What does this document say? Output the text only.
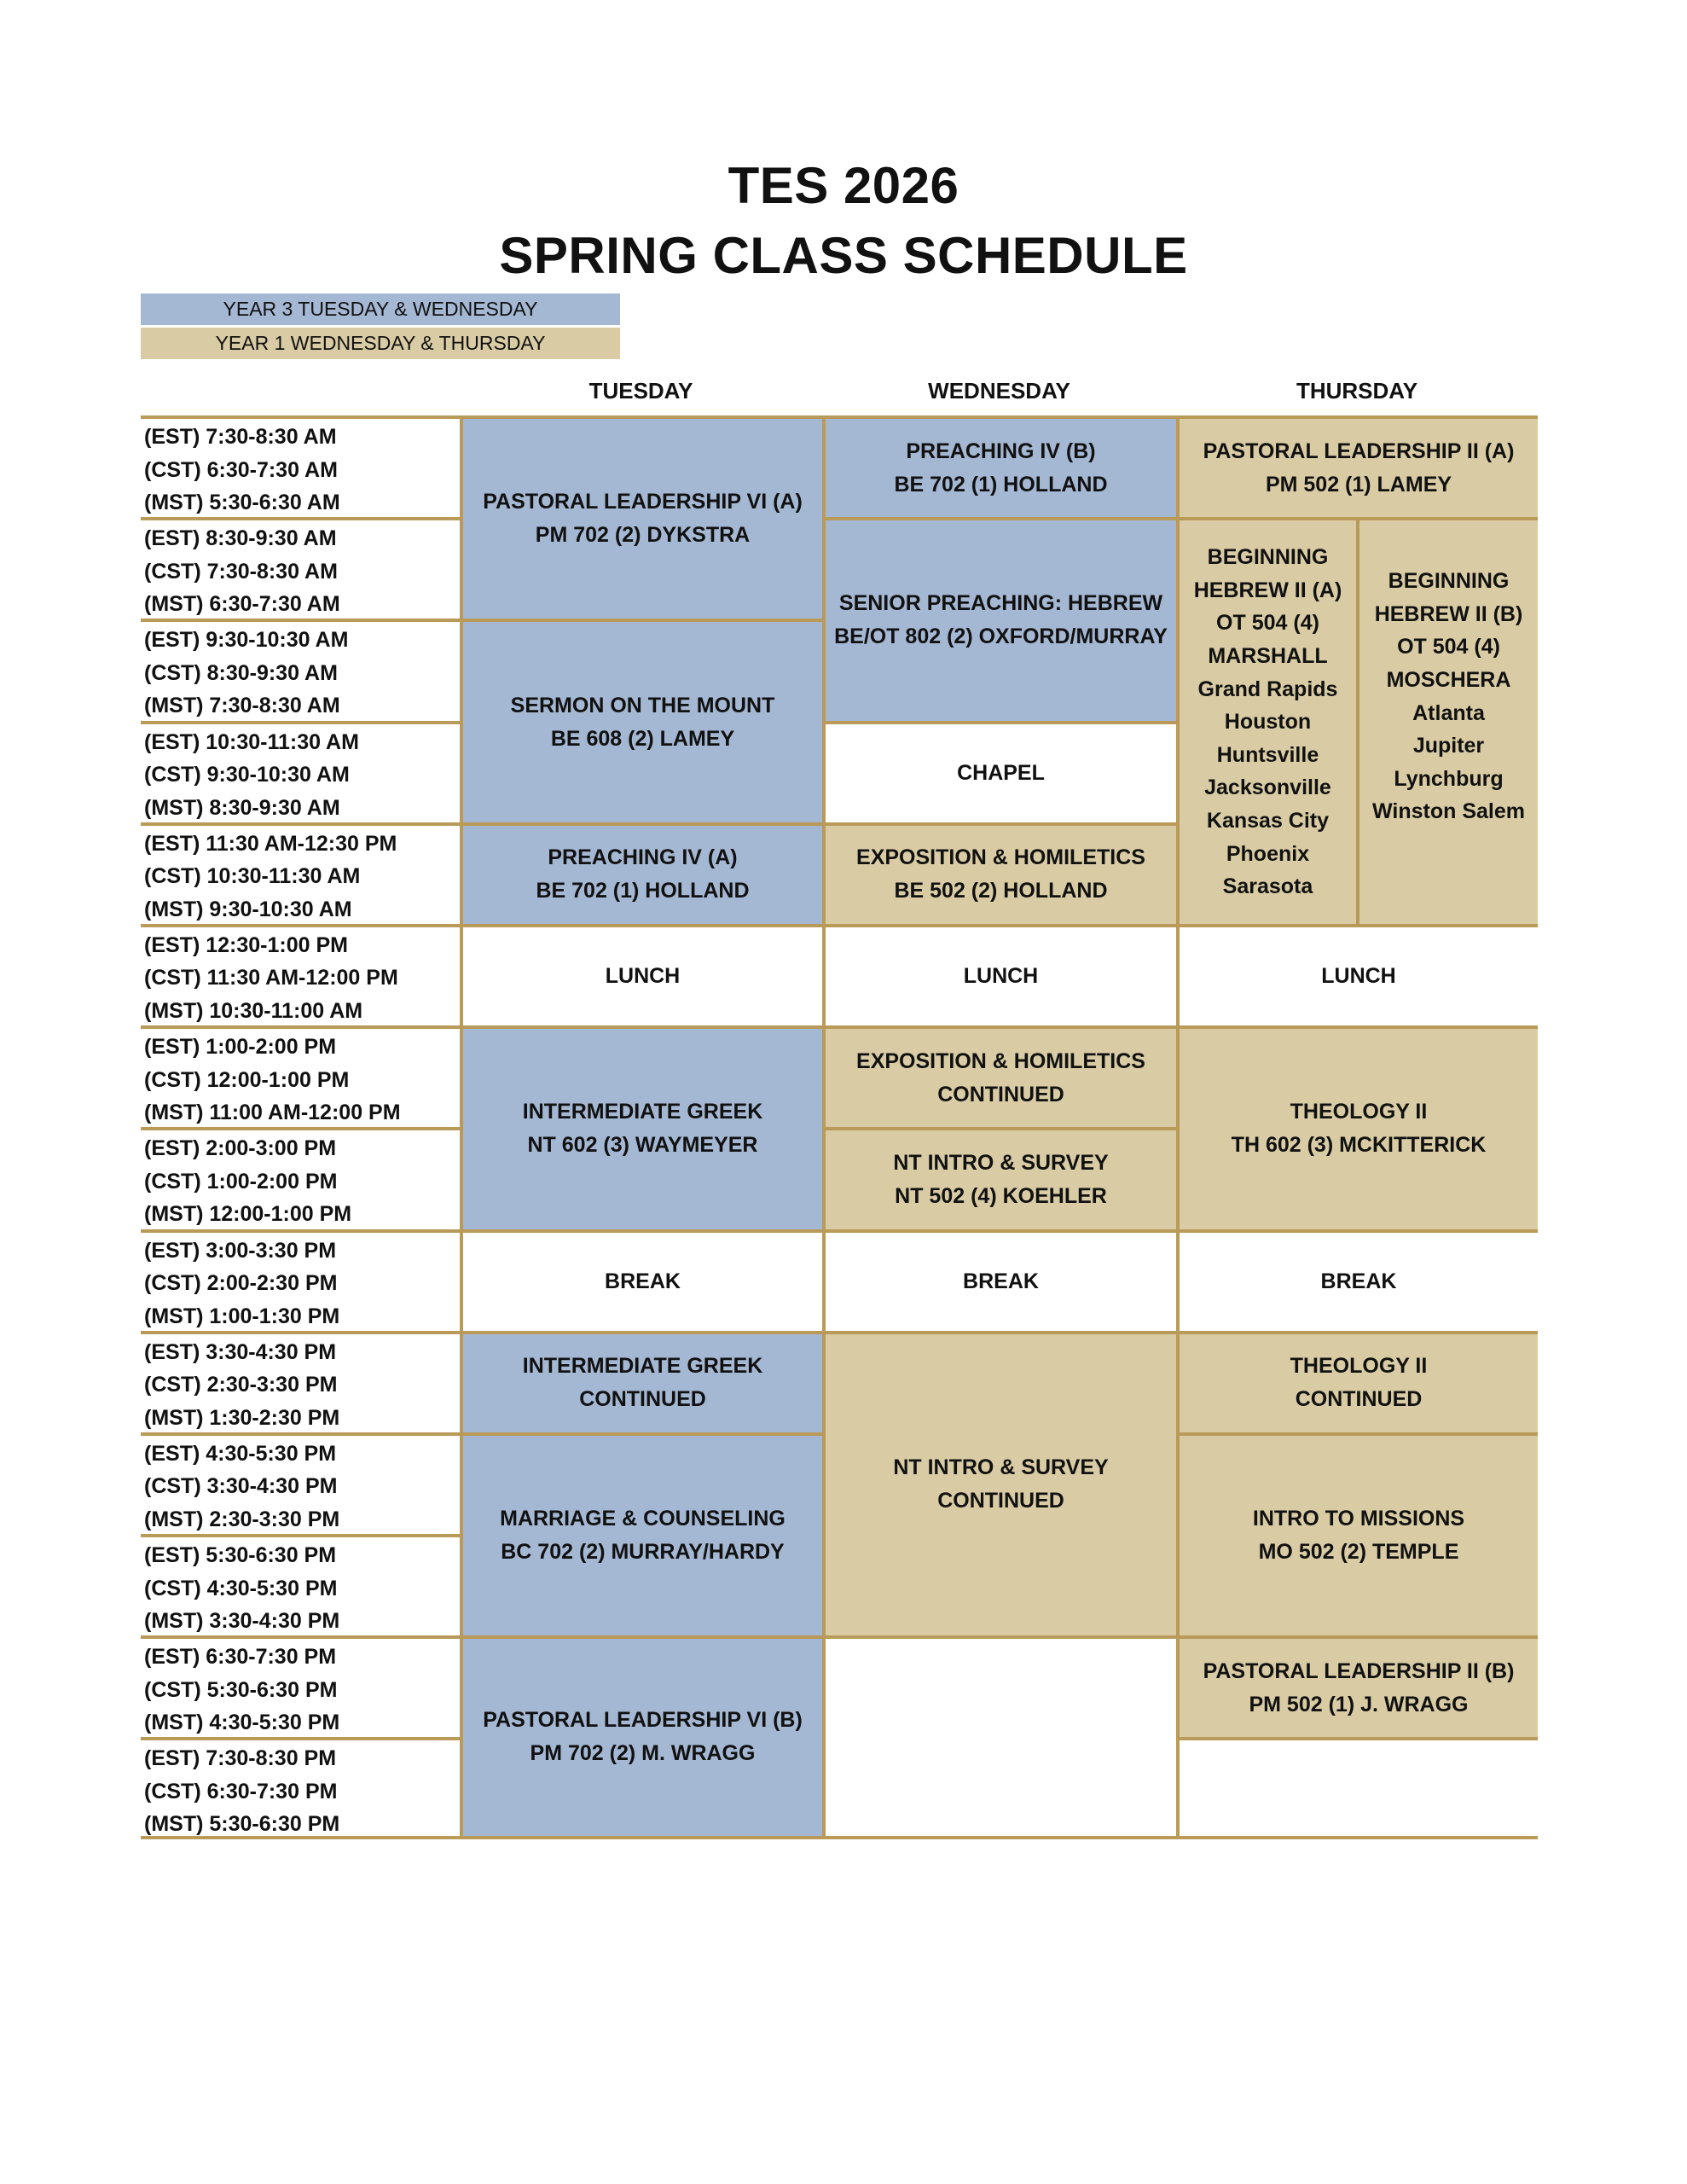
TES 2026
SPRING CLASS SCHEDULE
YEAR 3 TUESDAY & WEDNESDAY
YEAR 1 WEDNESDAY & THURSDAY
TUESDAY	WEDNESDAY	THURSDAY
(EST) 7:30-8:30 AM
(CST) 6:30-7:30 AM
(MST) 5:30-6:30 AM
(EST) 8:30-9:30 AM
(CST) 7:30-8:30 AM
(MST) 6:30-7:30 AM
(EST) 9:30-10:30 AM
(CST) 8:30-9:30 AM
(MST) 7:30-8:30 AM
(EST) 10:30-11:30 AM
(CST) 9:30-10:30 AM
(MST) 8:30-9:30 AM
(EST) 11:30 AM-12:30 PM
(CST) 10:30-11:30 AM
(MST) 9:30-10:30 AM
(EST) 12:30-1:00 PM
(CST) 11:30 AM-12:00 PM
(MST) 10:30-11:00 AM
(EST) 1:00-2:00 PM
(CST) 12:00-1:00 PM
(MST) 11:00 AM-12:00 PM
(EST) 2:00-3:00 PM
(CST) 1:00-2:00 PM
(MST) 12:00-1:00 PM
(EST) 3:00-3:30 PM
(CST) 2:00-2:30 PM
(MST) 1:00-1:30 PM
(EST) 3:30-4:30 PM
(CST) 2:30-3:30 PM
(MST) 1:30-2:30 PM
(EST) 4:30-5:30 PM
(CST) 3:30-4:30 PM
(MST) 2:30-3:30 PM
(EST) 5:30-6:30 PM
(CST) 4:30-5:30 PM
(MST) 3:30-4:30 PM
(EST) 6:30-7:30 PM
(CST) 5:30-6:30 PM
(MST) 4:30-5:30 PM
(EST) 7:30-8:30 PM
(CST) 6:30-7:30 PM
(MST) 5:30-6:30 PM
PASTORAL LEADERSHIP VI (A)
PM 702 (2) DYKSTRA
SERMON ON THE MOUNT
BE 608 (2) LAMEY
PREACHING IV (A)
BE 702 (1) HOLLAND
LUNCH
INTERMEDIATE GREEK
NT 602 (3) WAYMEYER
BREAK
INTERMEDIATE GREEK
CONTINUED
MARRIAGE & COUNSELING
BC 702 (2) MURRAY/HARDY
PASTORAL LEADERSHIP VI (B)
PM 702 (2) M. WRAGG
PREACHING IV (B)
BE 702 (1) HOLLAND
SENIOR PREACHING: HEBREW
BE/OT 802 (2) OXFORD/MURRAY
CHAPEL
EXPOSITION & HOMILETICS
BE 502 (2) HOLLAND
LUNCH
EXPOSITION & HOMILETICS
CONTINUED
NT INTRO & SURVEY
NT 502 (4) KOEHLER
BREAK
NT INTRO & SURVEY
CONTINUED
PASTORAL LEADERSHIP II (A)
PM 502 (1) LAMEY
BEGINNING
HEBREW II (A)
OT 504 (4)
MARSHALL
Grand Rapids
Houston
Huntsville
Jacksonville
Kansas City
Phoenix
Sarasota
BEGINNING
HEBREW II (B)
OT 504 (4)
MOSCHERA
Atlanta
Jupiter
Lynchburg
Winston Salem
LUNCH
THEOLOGY II
TH 602 (3) MCKITTERICK
BREAK
THEOLOGY II
CONTINUED
INTRO TO MISSIONS
MO 502 (2) TEMPLE
PASTORAL LEADERSHIP II (B)
PM 502 (1) J. WRAGG
